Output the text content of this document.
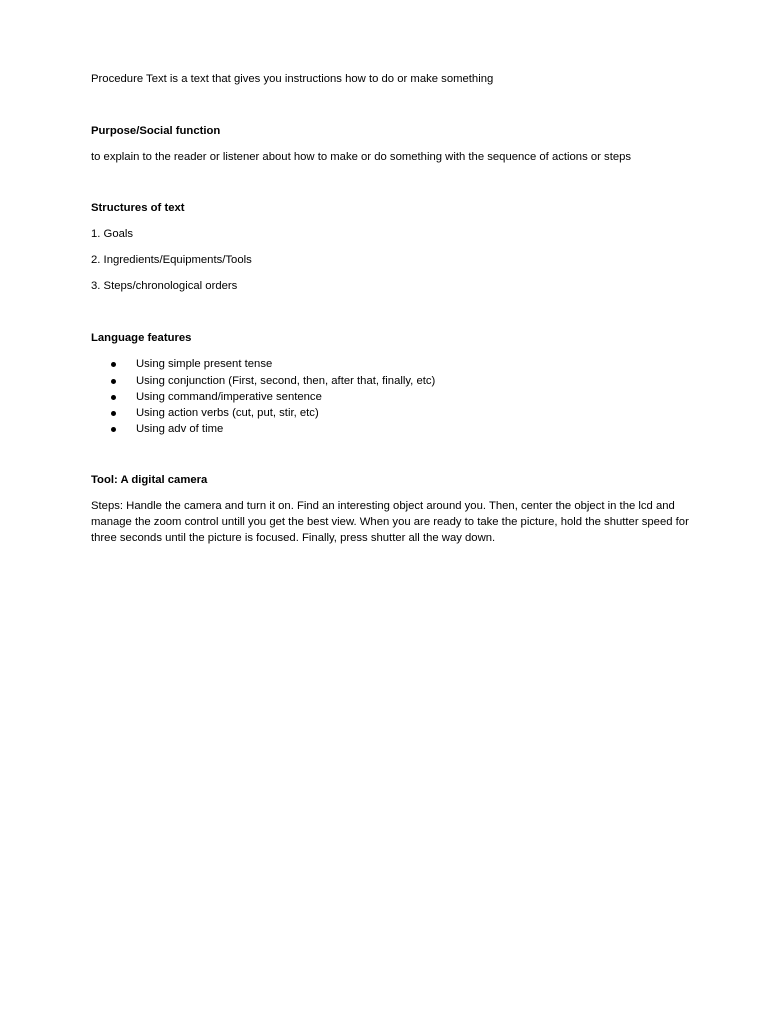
Procedure Text is a text that gives you instructions how to do or make something

Purpose/Social function

to explain to the reader or listener about how to make or do something with the sequence of actions or steps

Structures of text

1. Goals

2. Ingredients/Equipments/Tools

3. Steps/chronological orders

Language features

Using simple present tense
Using conjunction (First, second, then, after that, finally, etc)
Using command/imperative sentence
Using action verbs (cut, put, stir, etc)
Using adv of time

Tool: A digital camera

Steps: Handle the camera and turn it on. Find an interesting object around you. Then, center the object in the lcd and manage the zoom control untill you get the best view. When you are ready to take the picture, hold the shutter speed for three seconds until the picture is focused. Finally, press shutter all the way down.
